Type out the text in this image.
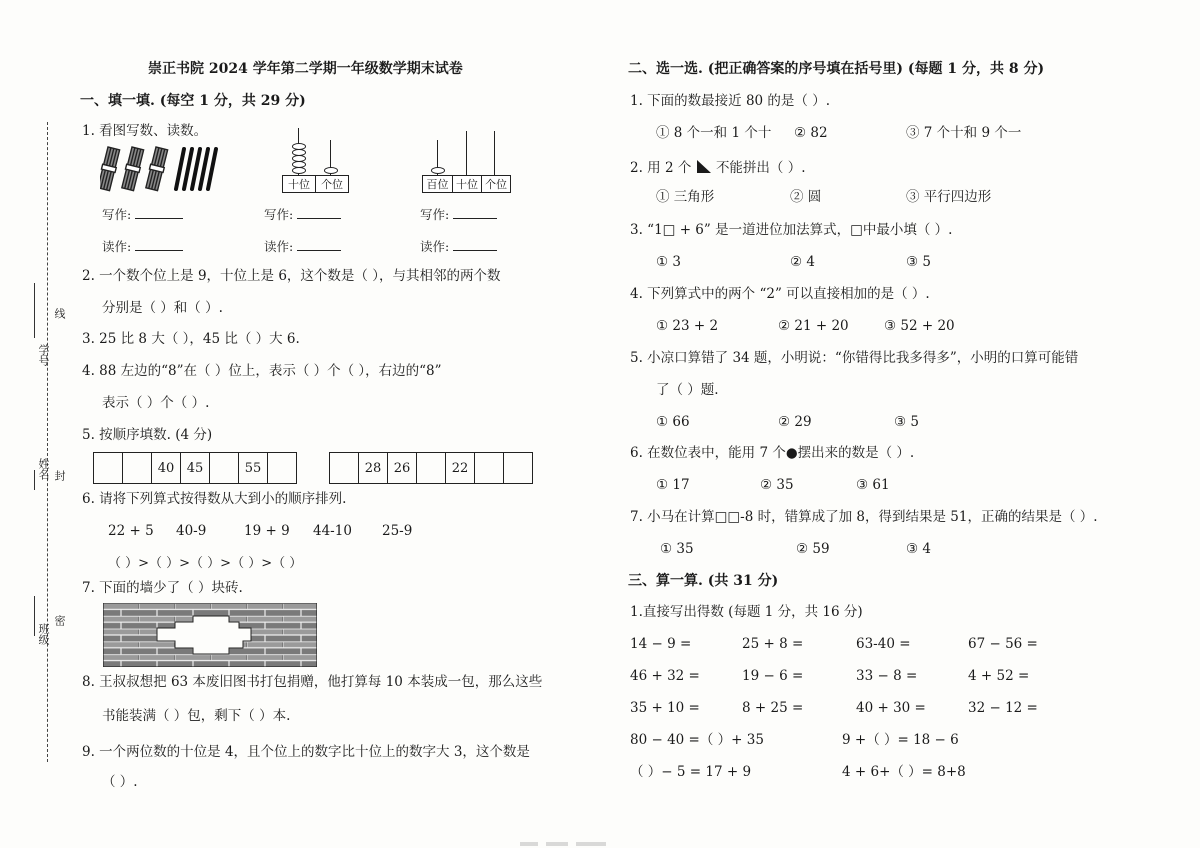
崇正书院 2024 学年第二学期一年级数学期末试卷
学号
姓名
班级
线
封
密
一、填一填. (每空 1 分，共 29 分)
1. 看图写数、读数。
十位	个位	百位 十位 个位
写作:	写作:	写作:
读作:	读作:	读作:
2. 一个数个位上是 9，十位上是 6，这个数是（ ），与其相邻的两个数
分别是（ ）和（ ）.
3. 25 比 8 大（ ），45 比（ ）大 6.
4. 88 左边的“8”在（ ）位上，表示（ ）个（ ），右边的“8”
表示（ ）个（ ）.
5. 按顺序填数. (4 分)
		40	45		55	
		28	26		22		
6. 请将下列算式按得数从大到小的顺序排列.
22 + 5 40-9	19 + 9 44-10 25-9
（ ）>（ ）>（ ）>（ ）>（ ）
7. 下面的墙少了（ ）块砖.
8. 王叔叔想把 63 本废旧图书打包捐赠，他打算每 10 本装成一包，那么这些
书能装满（ ）包，剩下（ ）本.
9. 一个两位数的十位是 4，且个位上的数字比十位上的数字大 3，这个数是
（ ）.
二、选一选. (把正确答案的序号填在括号里) (每题 1 分，共 8 分)
1. 下面的数最接近 80 的是（ ）.
① 8 个一和 1 个十 ② 82	③ 7 个十和 9 个一
2. 用 2 个 不能拼出（ ）.
① 三角形	② 圆	③ 平行四边形
3. “1□ + 6” 是一道进位加法算式，□中最小填（ ）.
① 3	② 4	③ 5
4. 下列算式中的两个 “2” 可以直接相加的是（ ）.
① 23 + 2	② 21 + 20	③ 52 + 20
5. 小凉口算错了 34 题，小明说：“你错得比我多得多”，小明的口算可能错
了（ ）题.
① 66	② 29	③ 5
6. 在数位表中，能用 7 个●摆出来的数是（ ）.
① 17	② 35	③ 61
7. 小马在计算□□-8 时，错算成了加 8，得到结果是 51，正确的结果是（ ）.
① 35	② 59	③ 4
三、算一算. (共 31 分)
1.直接写出得数 (每题 1 分，共 16 分)
14 − 9 =	25 + 8 =	63-40 =	67 − 56 =
46 + 32 =	19 − 6 =	33 − 8 =	4 + 52 =
35 + 10 =	8 + 25 =	40 + 30 =	32 − 12 =
80 − 40 =（ ）+ 35	9 +（ ）= 18 − 6
（ ）− 5 = 17 + 9	4 + 6+（ ）= 8+8
